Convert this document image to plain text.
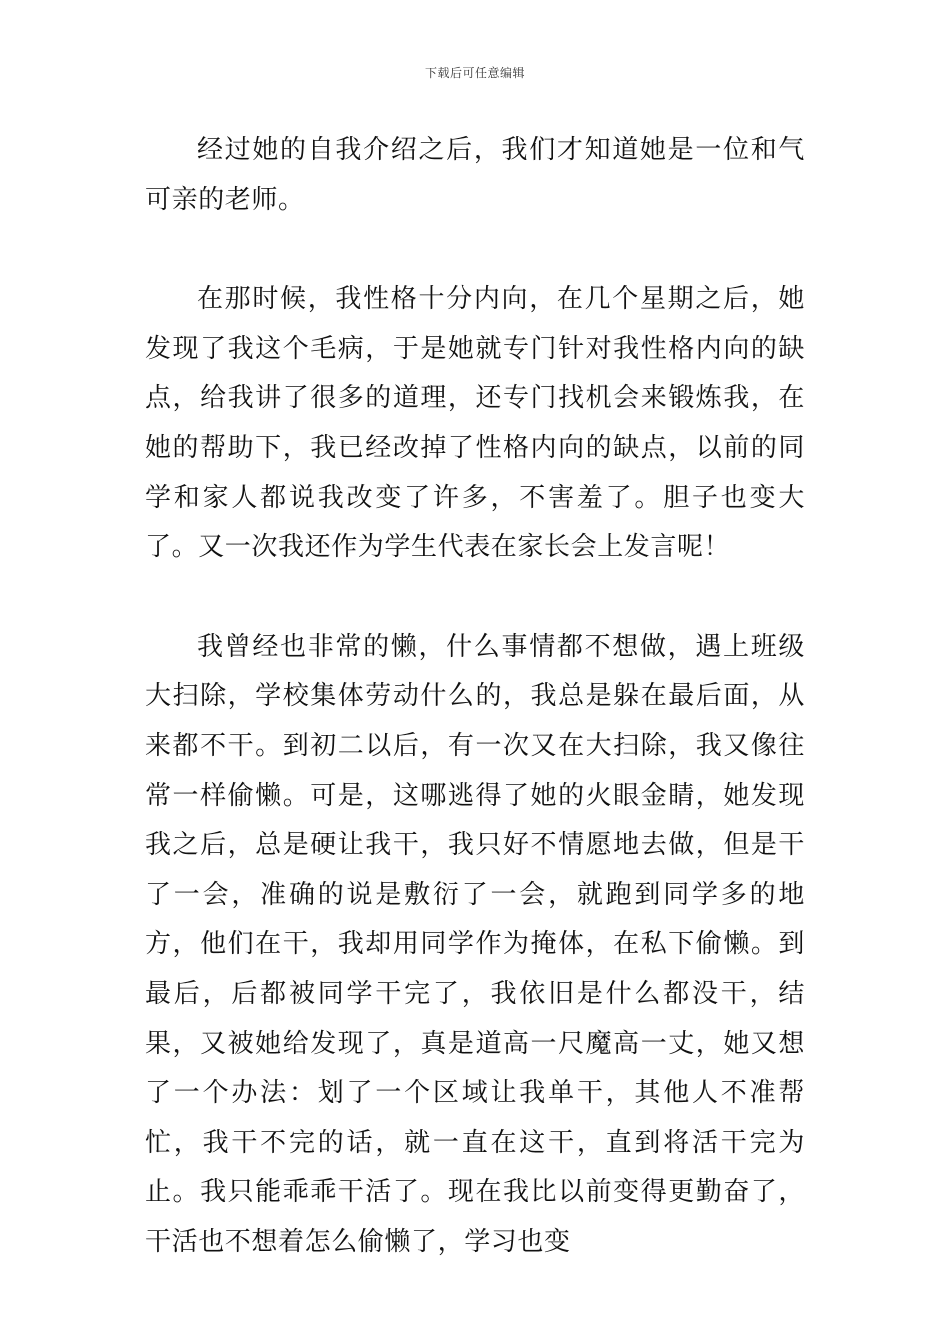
下载后可任意编辑

经过她的自我介绍之后，我们才知道她是一位和气可亲的老师。

在那时候，我性格十分内向，在几个星期之后，她发现了我这个毛病，于是她就专门针对我性格内向的缺点，给我讲了很多的道理，还专门找机会来锻炼我，在她的帮助下，我已经改掉了性格内向的缺点，以前的同学和家人都说我改变了许多，不害羞了。胆子也变大了。又一次我还作为学生代表在家长会上发言呢！

我曾经也非常的懒，什么事情都不想做，遇上班级大扫除，学校集体劳动什么的，我总是躲在最后面，从来都不干。到初二以后，有一次又在大扫除，我又像往常一样偷懒。可是，这哪逃得了她的火眼金睛，她发现我之后，总是硬让我干，我只好不情愿地去做，但是干了一会，准确的说是敷衍了一会，就跑到同学多的地方，他们在干，我却用同学作为掩体，在私下偷懒。到最后，后都被同学干完了，我依旧是什么都没干，结果，又被她给发现了，真是道高一尺魔高一丈，她又想了一个办法：划了一个区域让我单干，其他人不准帮忙，我干不完的话，就一直在这干，直到将活干完为止。我只能乖乖干活了。现在我比以前变得更勤奋了，干活也不想着怎么偷懒了，学习也变
